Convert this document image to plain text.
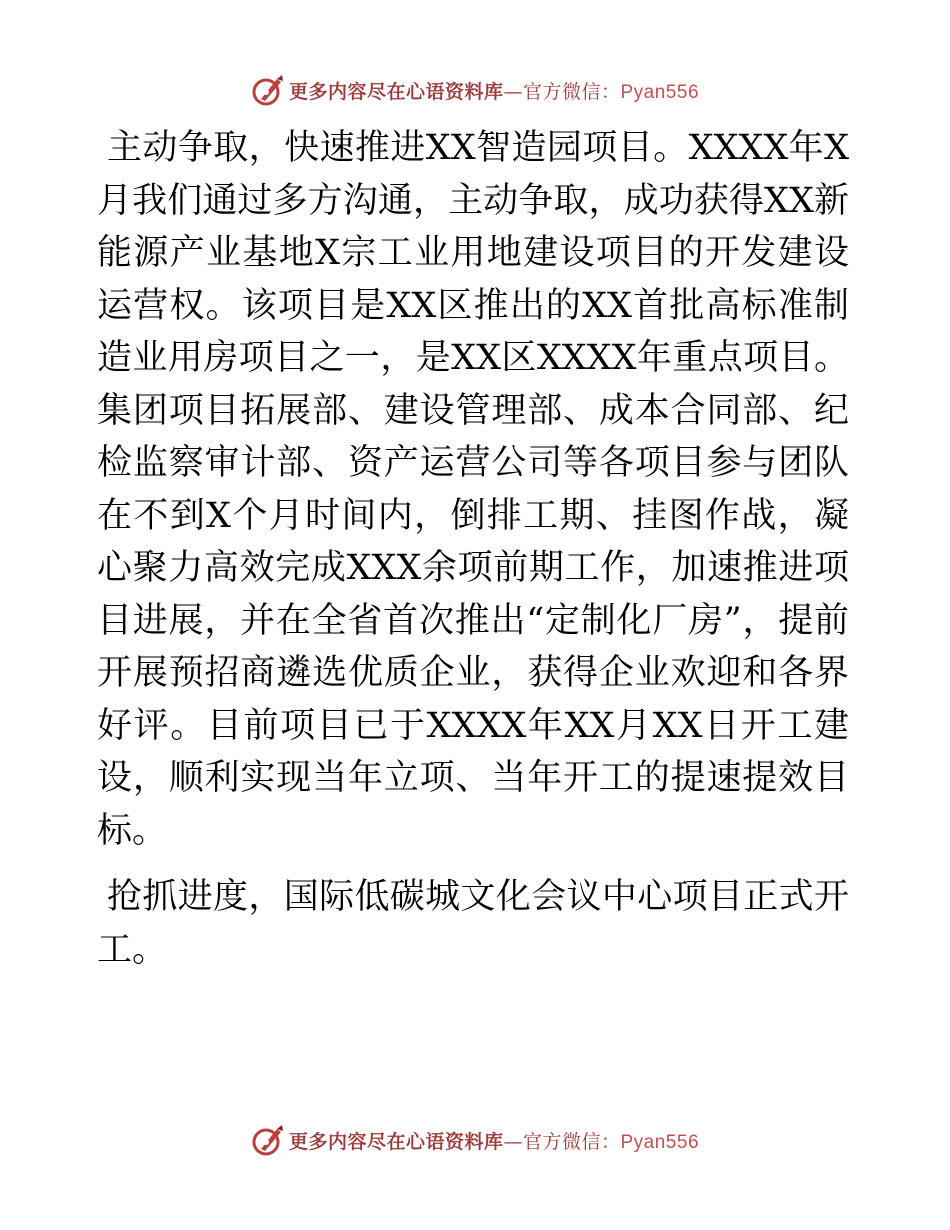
更多内容尽在心语资料库—官方微信：Pyan556

主动争取，快速推进XX智造园项目。XXXX年X月我们通过多方沟通，主动争取，成功获得XX新能源产业基地X宗工业用地建设项目的开发建设运营权。该项目是XX区推出的XX首批高标准制造业用房项目之一，是XX区XXXX年重点项目。集团项目拓展部、建设管理部、成本合同部、纪检监察审计部、资产运营公司等各项目参与团队在不到X个月时间内，倒排工期、挂图作战，凝心聚力高效完成XXX余项前期工作，加速推进项目进展，并在全省首次推出“定制化厂房”，提前开展预招商遴选优质企业，获得企业欢迎和各界好评。目前项目已于XXXX年XX月XX日开工建设，顺利实现当年立项、当年开工的提速提效目标。

抢抓进度，国际低碳城文化会议中心项目正式开工。

更多内容尽在心语资料库—官方微信：Pyan556
